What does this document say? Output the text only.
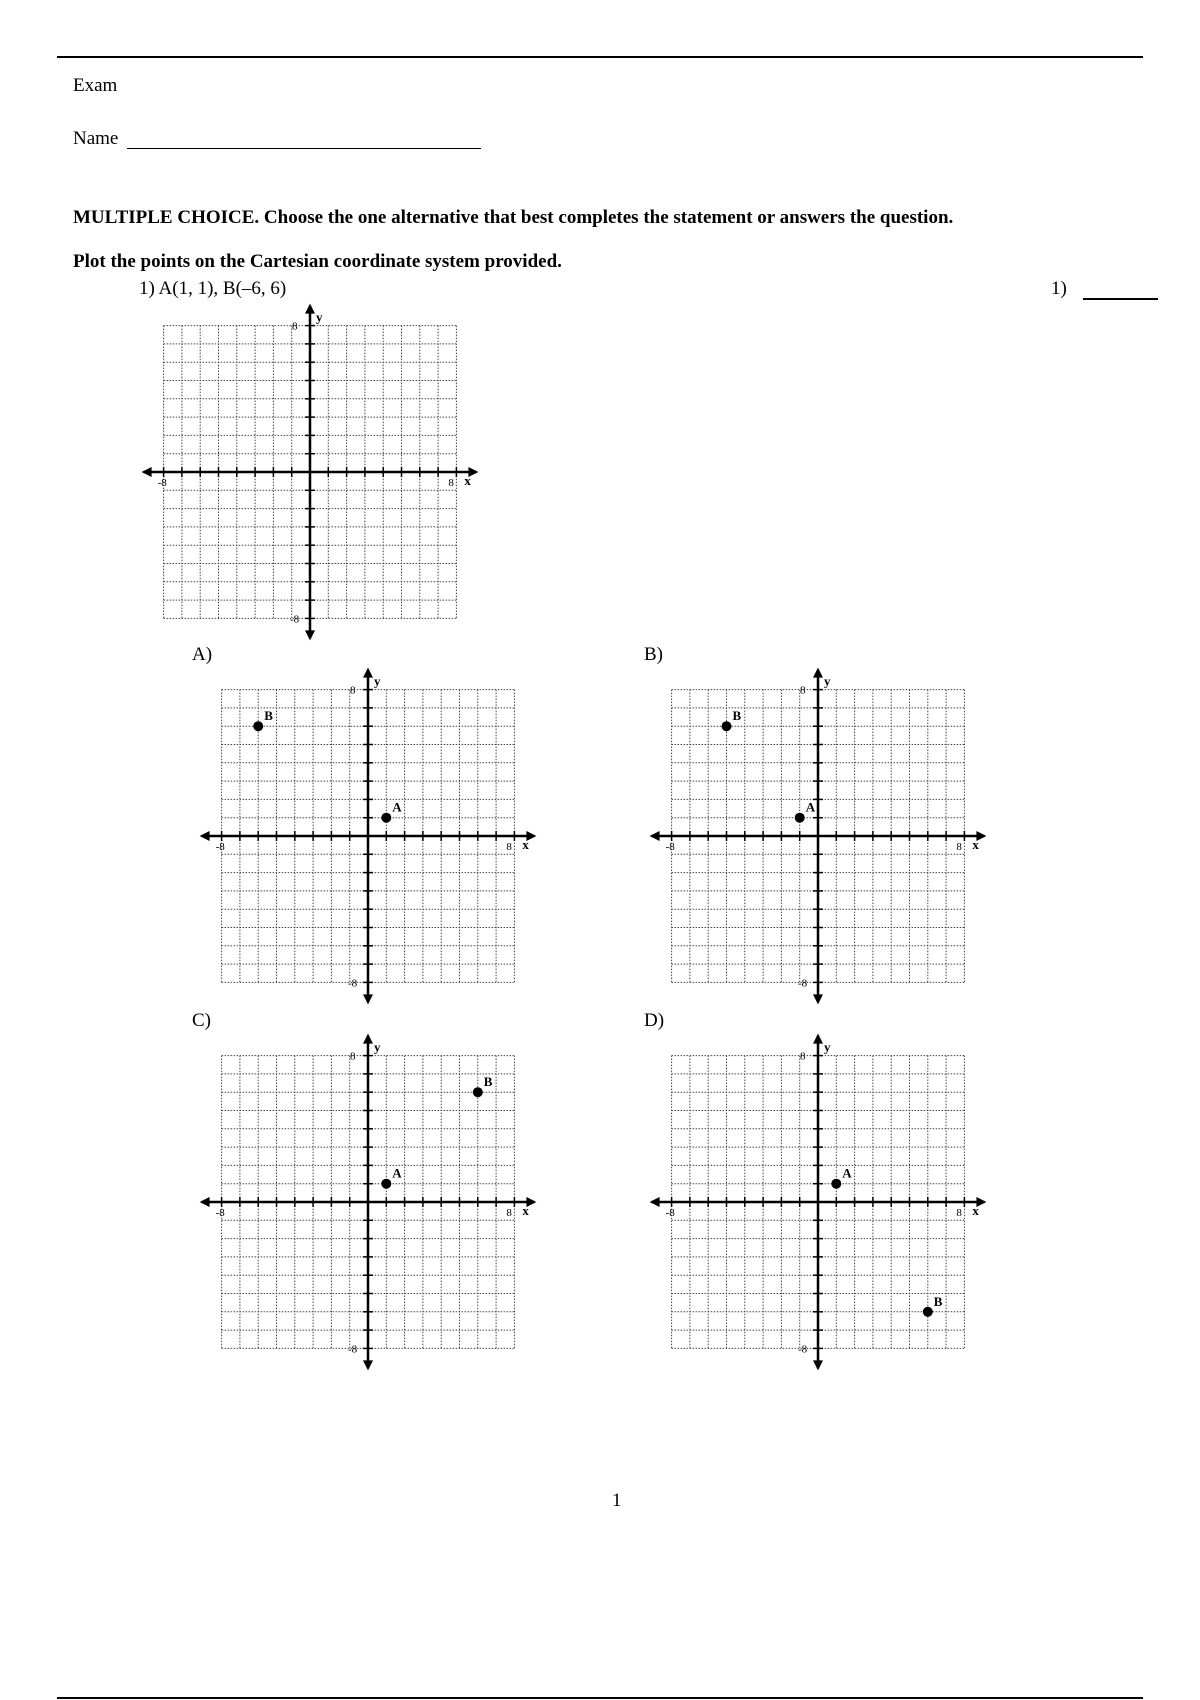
Exam
Name
MULTIPLE CHOICE. Choose the one alternative that best completes the statement or answers the question.
Plot the points on the Cartesian coordinate system provided.
1) A(1, 1), B(–6, 6)	1)
-8	8
8
-8
x
y
A)
-8	8
8
-8
x
y
A
B
B)
-8	8
8
-8
x
y
A
B
C)
-8	8
8
-8
x
y
A
B
D)
-8	8
8
-8
x
y
A
B
1
